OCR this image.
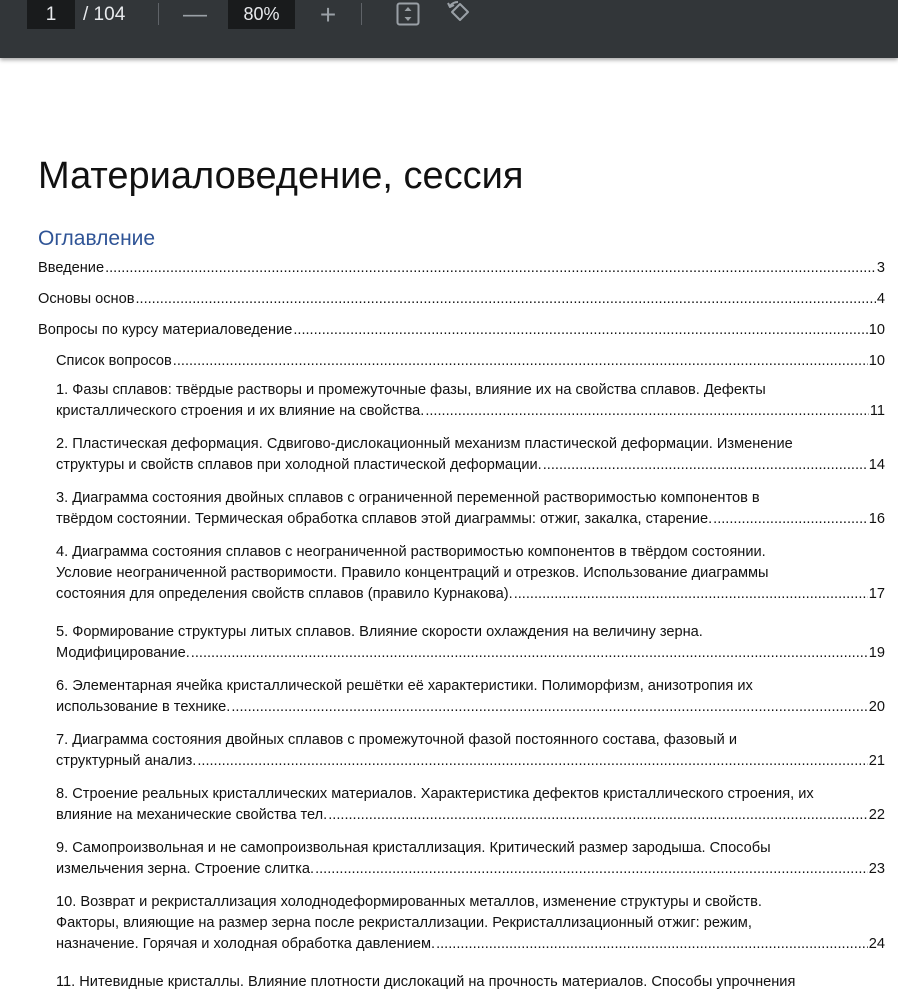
1
/ 104 —	80%	+
Материаловедение, сессия
Оглавление
Введение .....	3
Основы основ .....	4
Вопросы по курсу материаловедение .....	10
Список вопросов .....	10
1. Фазы сплавов: твёрдые растворы и промежуточные фазы, влияние их на свойства сплавов. Дефекты
кристаллического строения и их влияние на свойства. .....	11
2. Пластическая деформация. Сдвигово-дислокационный механизм пластической деформации. Изменение
структуры и свойств сплавов при холодной пластической деформации. .....	14
3. Диаграмма состояния двойных сплавов с ограниченной переменной растворимостью компонентов в
твёрдом состоянии. Термическая обработка сплавов этой диаграммы: отжиг, закалка, старение. .....	16
4. Диаграмма состояния сплавов с неограниченной растворимостью компонентов в твёрдом состоянии.
Условие неограниченной растворимости. Правило концентраций и отрезков. Использование диаграммы
состояния для определения свойств сплавов (правило Курнакова). .....	17
5. Формирование структуры литых сплавов. Влияние скорости охлаждения на величину зерна.
Модифицирование. .....	19
6. Элементарная ячейка кристаллической решётки её характеристики. Полиморфизм, анизотропия их
использование в технике. .....	20
7. Диаграмма состояния двойных сплавов с промежуточной фазой постоянного состава, фазовый и
структурный анализ. .....	21
8. Строение реальных кристаллических материалов. Характеристика дефектов кристаллического строения, их
влияние на механические свойства тел. .....	22
9. Самопроизвольная и не самопроизвольная кристаллизация. Критический размер зародыша. Способы
измельчения зерна. Строение слитка. .....	23
10. Возврат и рекристаллизация холоднодеформированных металлов, изменение структуры и свойств.
Факторы, влияющие на размер зерна после рекристаллизации. Рекристаллизационный отжиг: режим,
назначение. Горячая и холодная обработка давлением. .....	24
11. Нитевидные кристаллы. Влияние плотности дислокаций на прочность материалов. Способы упрочнения
